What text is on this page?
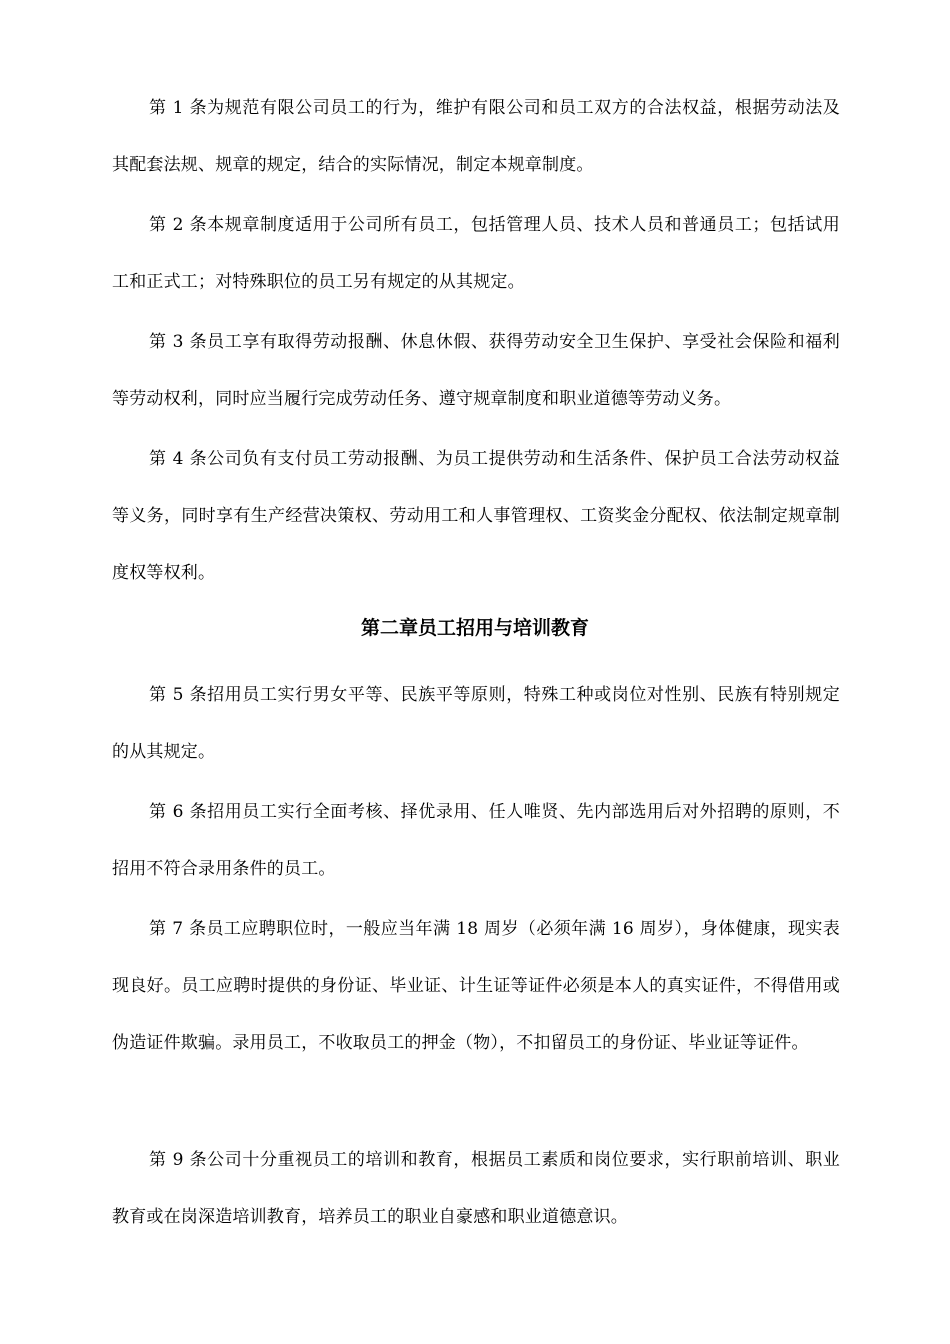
第 1 条为规范有限公司员工的行为，维护有限公司和员工双方的合法权益，根据劳动法及其配套法规、规章的规定，结合的实际情况，制定本规章制度。

第 2 条本规章制度适用于公司所有员工，包括管理人员、技术人员和普通员工；包括试用工和正式工；对特殊职位的员工另有规定的从其规定。

第 3 条员工享有取得劳动报酬、休息休假、获得劳动安全卫生保护、享受社会保险和福利等劳动权利，同时应当履行完成劳动任务、遵守规章制度和职业道德等劳动义务。

第 4 条公司负有支付员工劳动报酬、为员工提供劳动和生活条件、保护员工合法劳动权益等义务，同时享有生产经营决策权、劳动用工和人事管理权、工资奖金分配权、依法制定规章制度权等权利。

第二章员工招用与培训教育

第 5 条招用员工实行男女平等、民族平等原则，特殊工种或岗位对性别、民族有特别规定的从其规定。

第 6 条招用员工实行全面考核、择优录用、任人唯贤、先内部选用后对外招聘的原则，不招用不符合录用条件的员工。

第 7 条员工应聘职位时，一般应当年满 18 周岁（必须年满 16 周岁），身体健康，现实表现良好。员工应聘时提供的身份证、毕业证、计生证等证件必须是本人的真实证件，不得借用或伪造证件欺骗。录用员工，不收取员工的押金（物），不扣留员工的身份证、毕业证等证件。

第 9 条公司十分重视员工的培训和教育，根据员工素质和岗位要求，实行职前培训、职业教育或在岗深造培训教育，培养员工的职业自豪感和职业道德意识。
